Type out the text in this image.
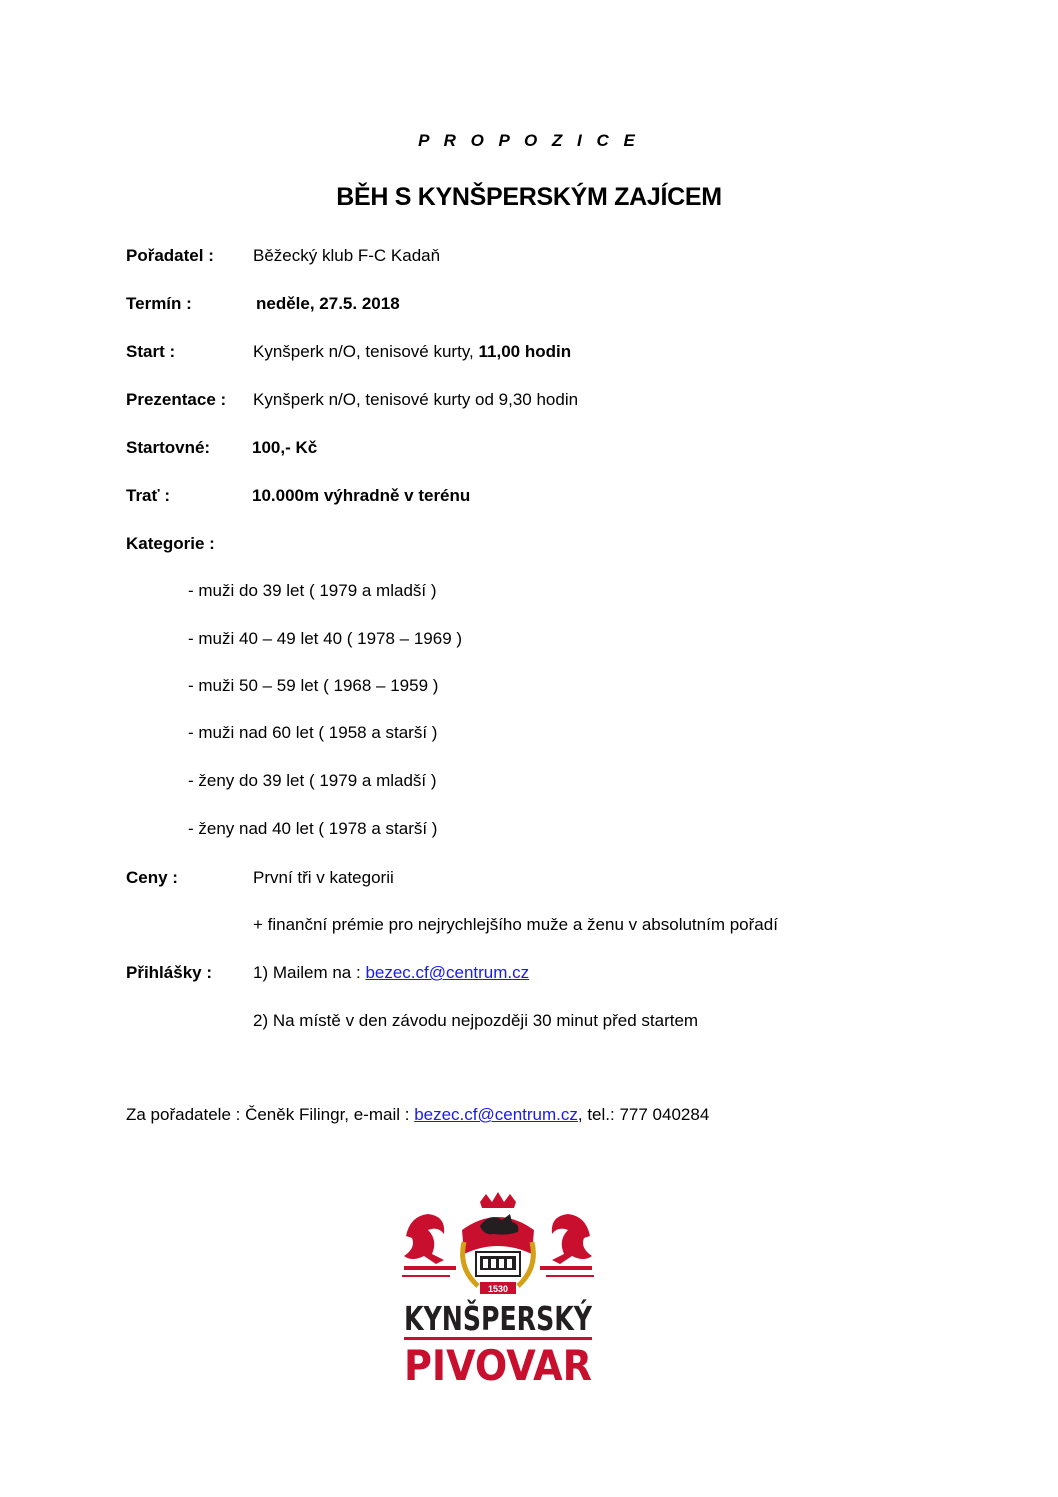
P R O P O Z I C E
BĚH S KYNŠPERSKÝM ZAJÍCEM
Pořadatel : Běžecký klub F-C Kadaň
Termín :	neděle, 27.5. 2018
Start :	Kynšperk n/O, tenisové kurty, 11,00 hodin
Prezentace : Kynšperk n/O, tenisové kurty od 9,30 hodin
Startovné: 100,- Kč
Trať :	10.000m výhradně v terénu
Kategorie :
- muži do 39 let ( 1979 a mladší )
- muži 40 – 49 let 40 ( 1978 – 1969 )
- muži 50 – 59 let ( 1968 – 1959 )
- muži nad 60 let ( 1958 a starší )
- ženy do 39 let ( 1979 a mladší )
- ženy nad 40 let ( 1978 a starší )
Ceny :	První tři v kategorii
+ finanční prémie pro nejrychlejšího muže a ženu v absolutním pořadí
Přihlášky : 1) Mailem na : bezec.cf@centrum.cz
2) Na místě v den závodu nejpozději 30 minut před startem
Za pořadatele : Čeněk Filingr, e-mail : bezec.cf@centrum.cz, tel.: 777 040284
1530
KYNŠPERSKÝ
PIVOVAR
